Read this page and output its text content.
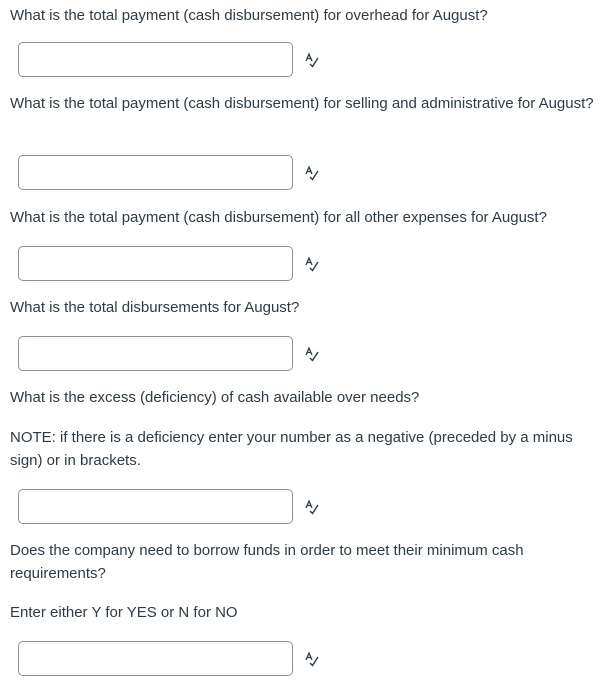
What is the total payment (cash disbursement) for overhead for August?

What is the total payment (cash disbursement) for selling and administrative for August?

What is the total payment (cash disbursement) for all other expenses for August?

What is the total disbursements for August?

What is the excess (deficiency) of cash available over needs?

NOTE: if there is a deficiency enter your number as a negative (preceded by a minus sign) or in brackets.

Does the company need to borrow funds in order to meet their minimum cash requirements?

Enter either Y for YES or N for NO
